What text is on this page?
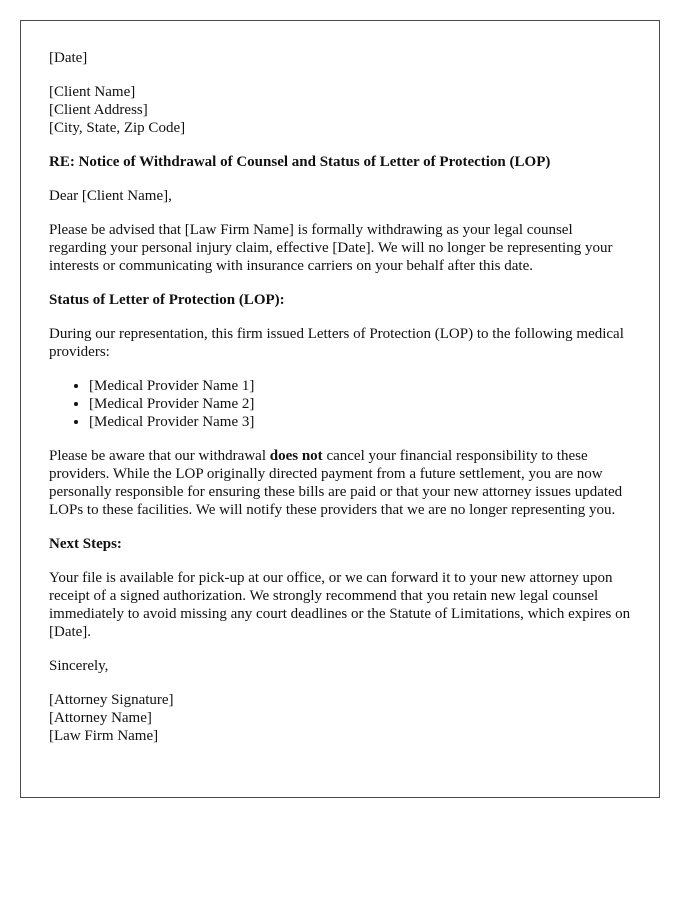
[Date]
[Client Name]
[Client Address]
[City, State, Zip Code]
RE: Notice of Withdrawal of Counsel and Status of Letter of Protection (LOP)

Dear [Client Name],

Please be advised that [Law Firm Name] is formally withdrawing as your legal counsel regarding your personal injury claim, effective [Date]. We will no longer be representing your interests or communicating with insurance carriers on your behalf after this date.

Status of Letter of Protection (LOP):

During our representation, this firm issued Letters of Protection (LOP) to the following medical providers:

• [Medical Provider Name 1]
• [Medical Provider Name 2]
• [Medical Provider Name 3]

Please be aware that our withdrawal does not cancel your financial responsibility to these providers. While the LOP originally directed payment from a future settlement, you are now personally responsible for ensuring these bills are paid or that your new attorney issues updated LOPs to these facilities. We will notify these providers that we are no longer representing you.

Next Steps:

Your file is available for pick-up at our office, or we can forward it to your new attorney upon receipt of a signed authorization. We strongly recommend that you retain new legal counsel immediately to avoid missing any court deadlines or the Statute of Limitations, which expires on [Date].

Sincerely,

[Attorney Signature]
[Attorney Name]
[Law Firm Name]
